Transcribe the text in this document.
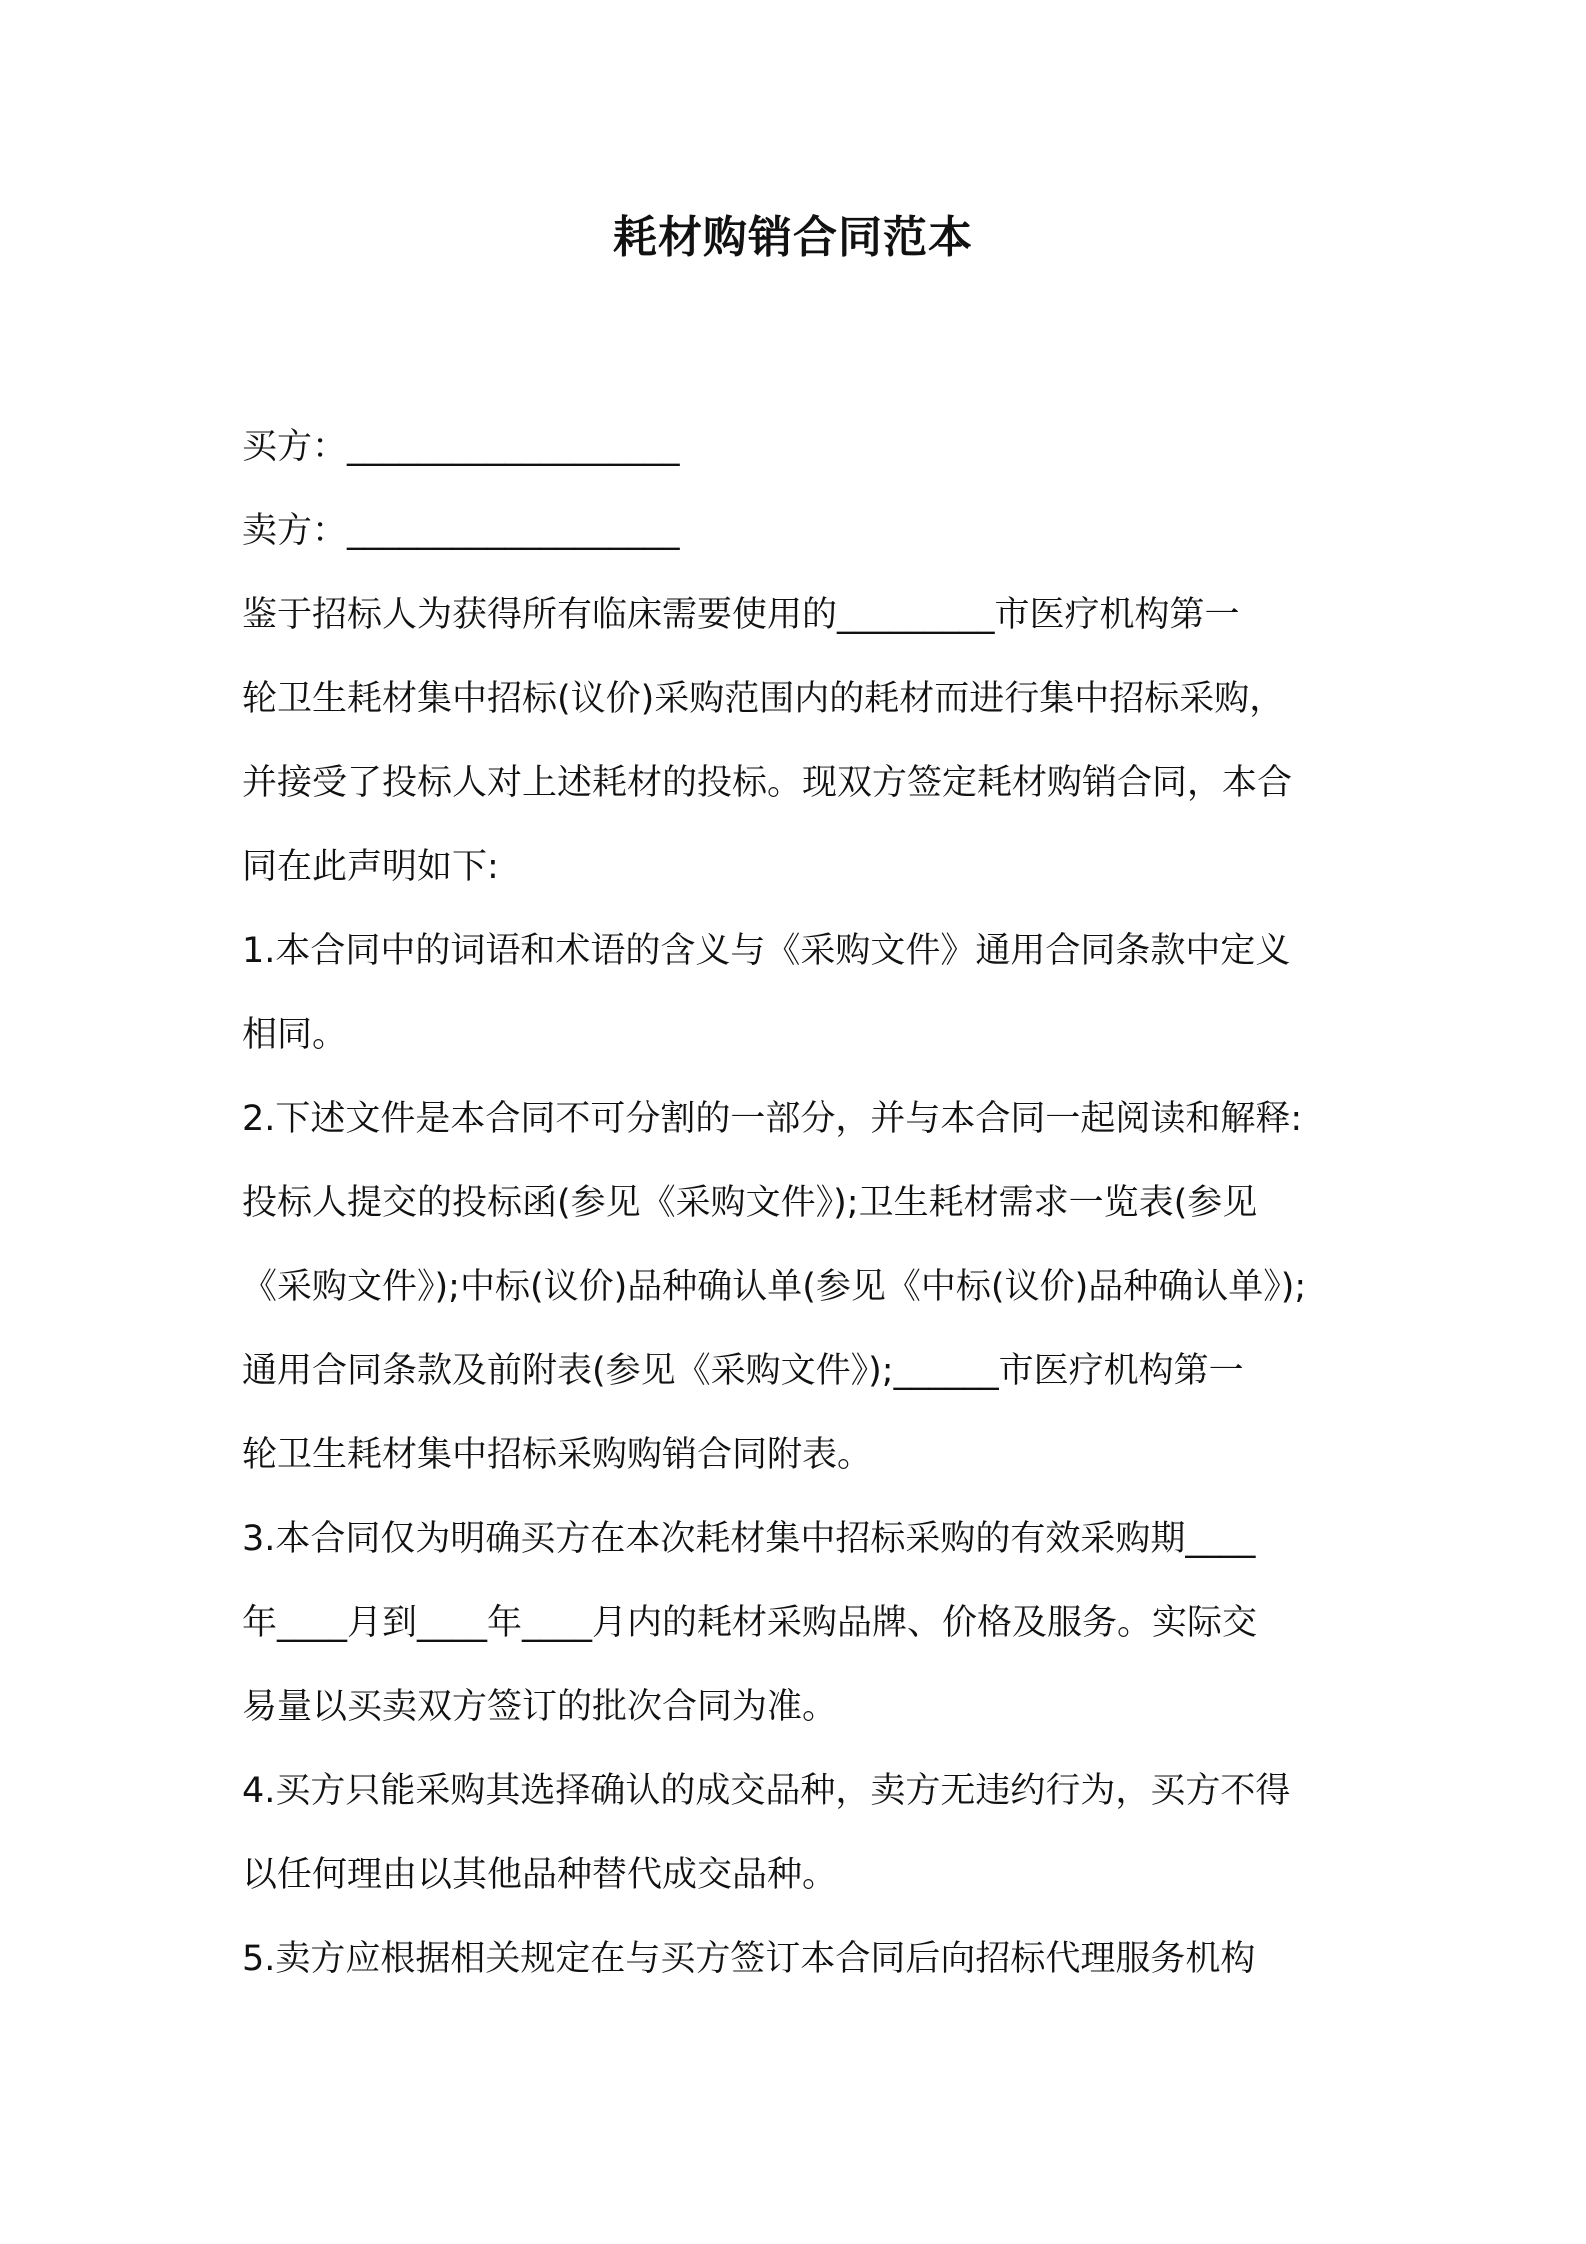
耗材购销合同范本
买方：___________________
卖方：___________________
鉴于招标人为获得所有临床需要使用的_________市医疗机构第一
轮卫生耗材集中招标(议价)采购范围内的耗材而进行集中招标采购，
并接受了投标人对上述耗材的投标。现双方签定耗材购销合同，本合
同在此声明如下:
1.本合同中的词语和术语的含义与《采购文件》通用合同条款中定义
相同。
2.下述文件是本合同不可分割的一部分，并与本合同一起阅读和解释:
投标人提交的投标函(参见《采购文件》);卫生耗材需求一览表(参见
《采购文件》);中标(议价)品种确认单(参见《中标(议价)品种确认单》);
通用合同条款及前附表(参见《采购文件》);______市医疗机构第一
轮卫生耗材集中招标采购购销合同附表。
3.本合同仅为明确买方在本次耗材集中招标采购的有效采购期____
年____月到____年____月内的耗材采购品牌、价格及服务。实际交
易量以买卖双方签订的批次合同为准。
4.买方只能采购其选择确认的成交品种，卖方无违约行为，买方不得
以任何理由以其他品种替代成交品种。
5.卖方应根据相关规定在与买方签订本合同后向招标代理服务机构
